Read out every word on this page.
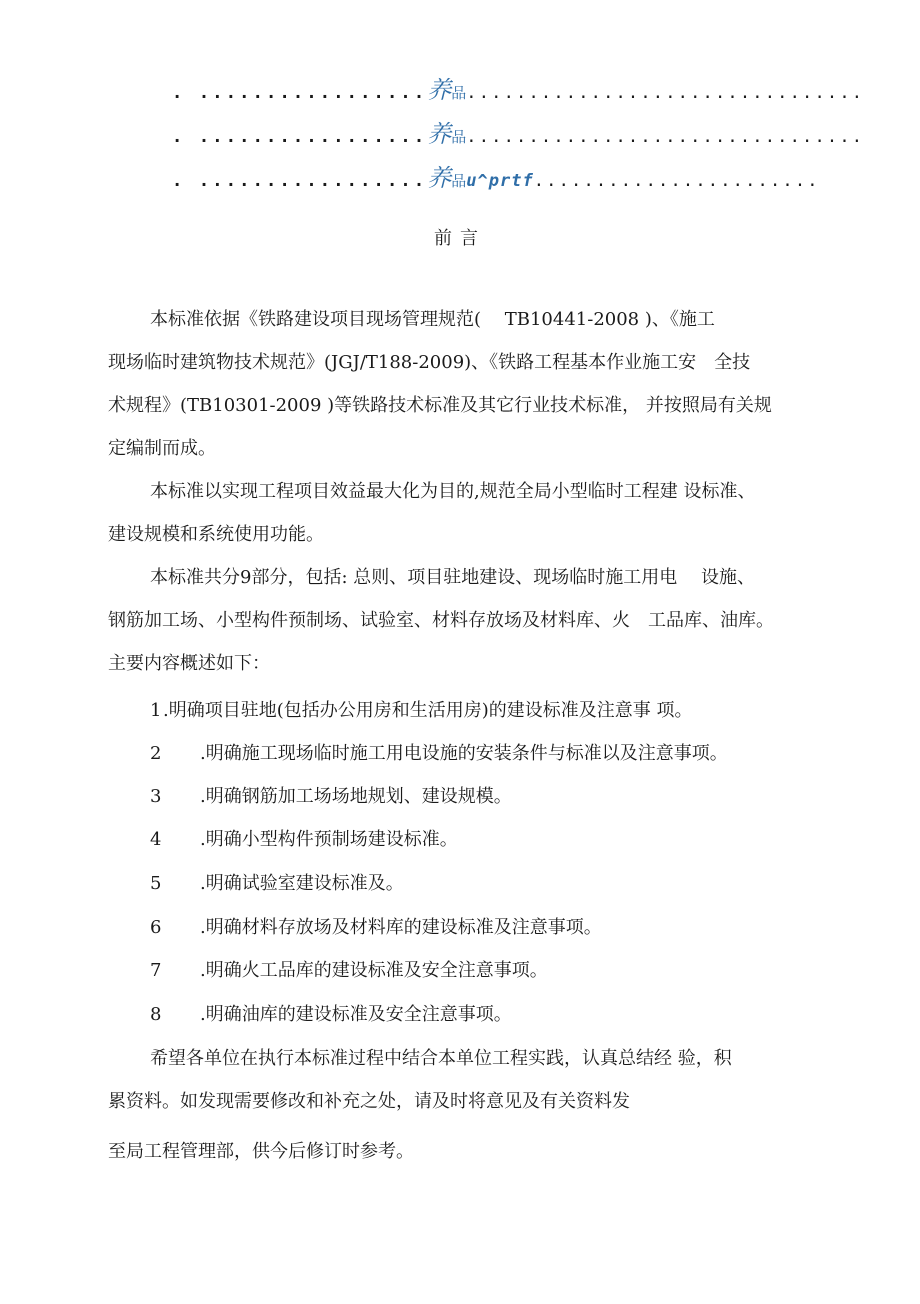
. .................养品................................
. .................养品................................
. .................养品u^prtf.......................
前言
本标准依据《铁路建设项目现场管理规范(　 TB10441-2008 )、《施工
现场临时建筑物技术规范》(JGJ/T188-2009)、《铁路工程基本作业施工安　全技
术规程》(TB10301-2009 )等铁路技术标准及其它行业技术标准， 并按照局有关规
定编制而成。
本标准以实现工程项目效益最大化为目的,规范全局小型临时工程建 设标准、
建设规模和系统使用功能。
本标准共分9部分，包括: 总则、项目驻地建设、现场临时施工用电　 设施、
钢筋加工场、小型构件预制场、试验室、材料存放场及材料库、火　工品库、油库。
主要内容概述如下：
1 .明确项目驻地(包括办公用房和生活用房)的建设标准及注意事 项。
2 .明确施工现场临时施工用电设施的安装条件与标准以及注意事项。
3 .明确钢筋加工场场地规划、建设规模。
4 .明确小型构件预制场建设标准。
5 .明确试验室建设标准及。
6 .明确材料存放场及材料库的建设标准及注意事项。
7 .明确火工品库的建设标准及安全注意事项。
8 .明确油库的建设标准及安全注意事项。
希望各单位在执行本标准过程中结合本单位工程实践，认真总结经 验，积
累资料。如发现需要修改和补充之处，请及时将意见及有关资料发
至局工程管理部，供今后修订时参考。
